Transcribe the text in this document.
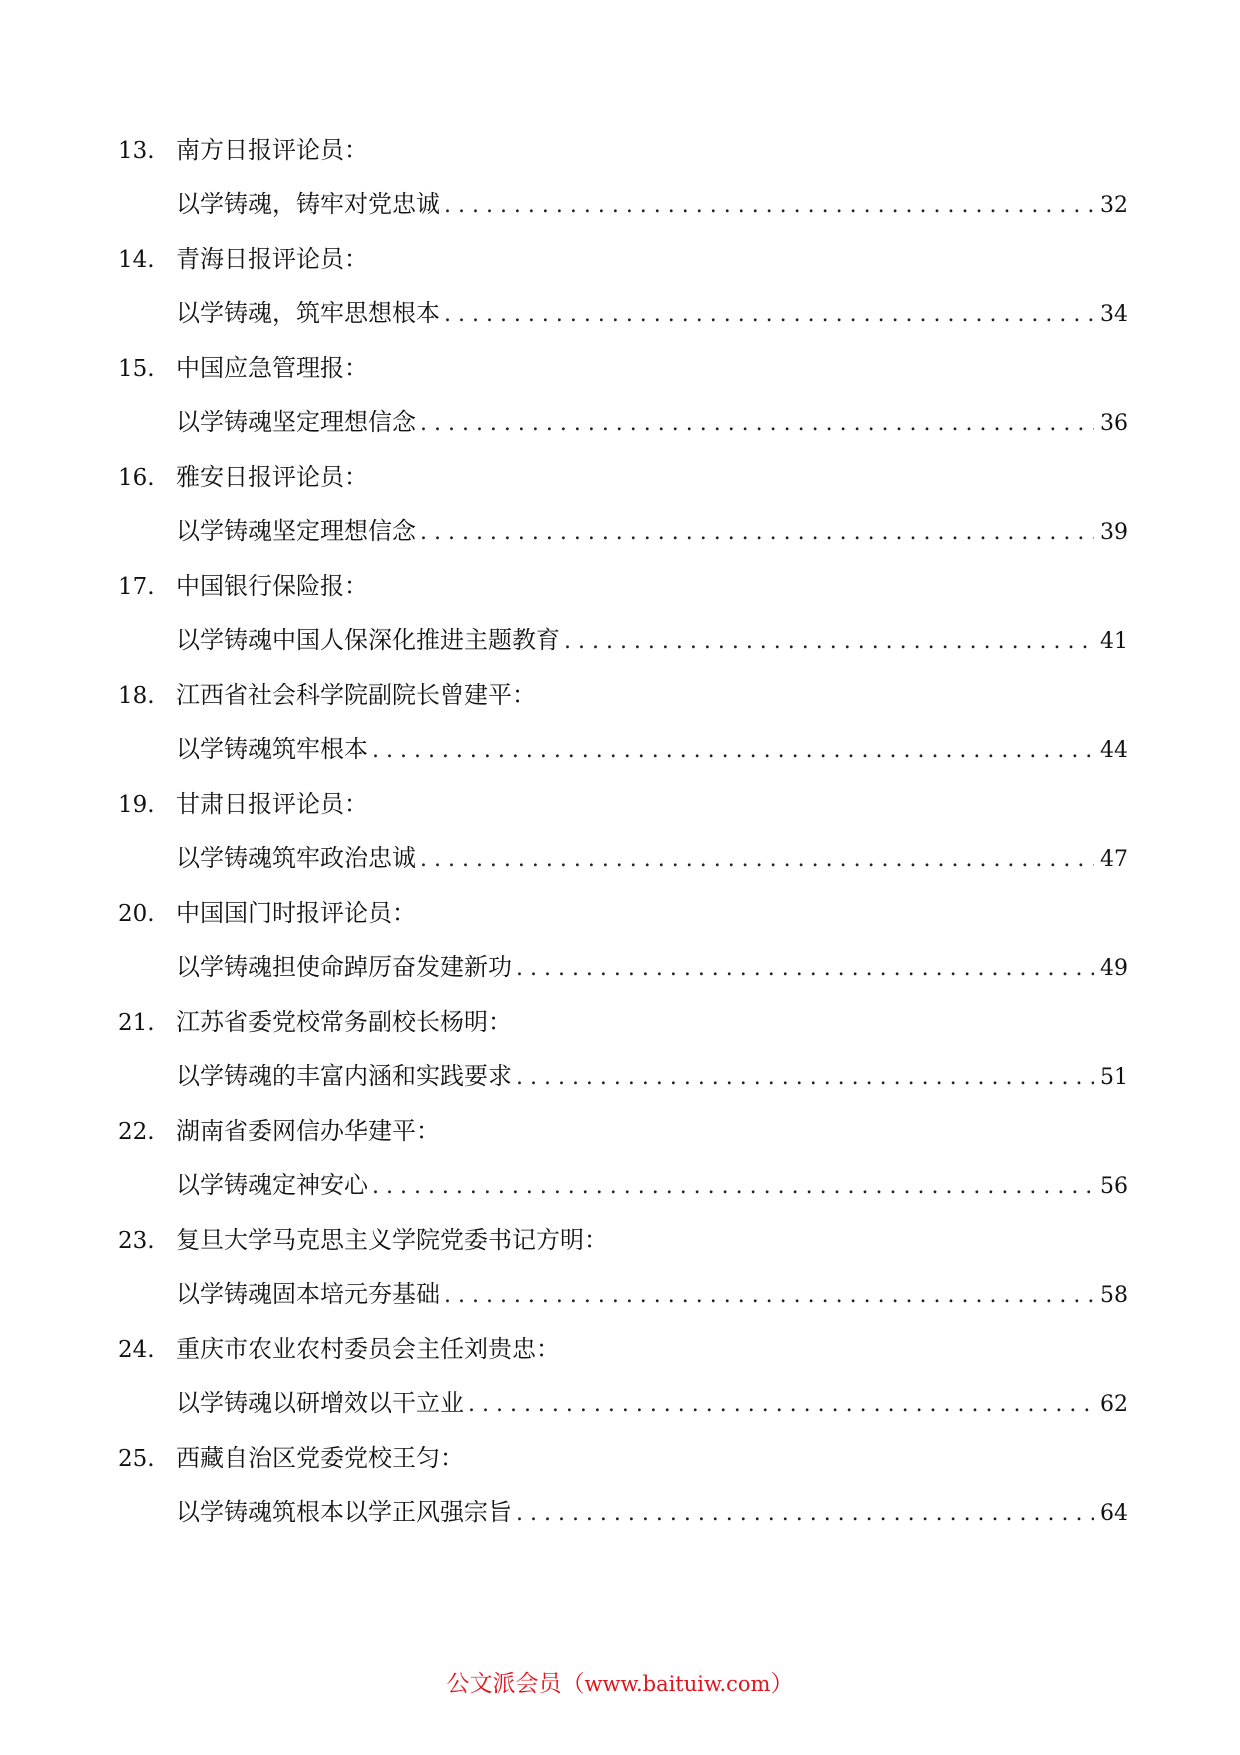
13. 南方日报评论员：
以学铸魂，铸牢对党忠诚 . . .	32
14. 青海日报评论员：
以学铸魂，筑牢思想根本 . . .	34
15. 中国应急管理报：
以学铸魂坚定理想信念 . . .	36
16. 雅安日报评论员：
以学铸魂坚定理想信念 . . .	39
17. 中国银行保险报：
以学铸魂中国人保深化推进主题教育 . . .	41
18. 江西省社会科学院副院长曾建平：
以学铸魂筑牢根本 . . .	44
19. 甘肃日报评论员：
以学铸魂筑牢政治忠诚 . . .	47
20. 中国国门时报评论员：
以学铸魂担使命踔厉奋发建新功 . . .	49
21. 江苏省委党校常务副校长杨明：
以学铸魂的丰富内涵和实践要求 . . .	51
22. 湖南省委网信办华建平：
以学铸魂定神安心 . . .	56
23. 复旦大学马克思主义学院党委书记方明：
以学铸魂固本培元夯基础 . . .	58
24. 重庆市农业农村委员会主任刘贵忠：
以学铸魂以研增效以干立业 . . .	62
25. 西藏自治区党委党校王匀：
以学铸魂筑根本以学正风强宗旨 . . .	64
公文派会员（www.baituiw.com）
